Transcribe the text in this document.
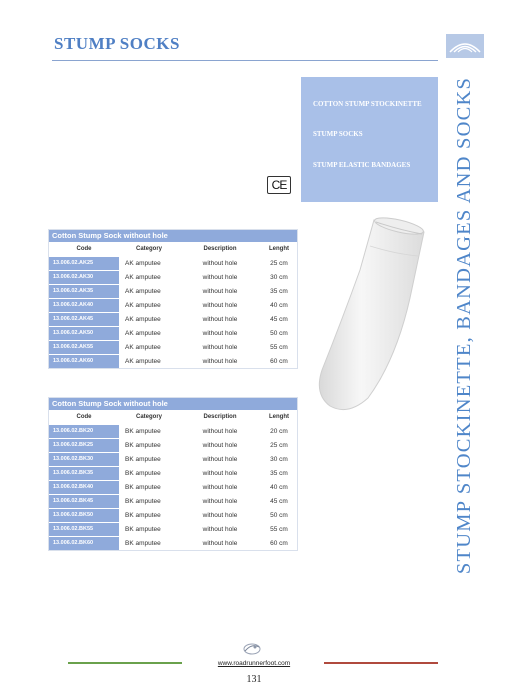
STUMP SOCKS
STUMP STOCKINETTE, BANDAGES AND SOCKS
COTTON STUMP STOCKINETTE
STUMP SOCKS
STUMP ELASTIC BANDAGES
CE
Cotton Stump Sock without hole
Code	Category	Description	Lenght
13.006.02.AK25	AK amputee	without hole	25 cm
13.006.02.AK30	AK amputee	without hole	30 cm
13.006.02.AK35	AK amputee	without hole	35 cm
13.006.02.AK40	AK amputee	without hole	40 cm
13.006.02.AK45	AK amputee	without hole	45 cm
13.006.02.AK50	AK amputee	without hole	50 cm
13.006.02.AK55	AK amputee	without hole	55 cm
13.006.02.AK60	AK amputee	without hole	60 cm
Cotton Stump Sock without hole
Code	Category	Description	Lenght
13.006.02.BK20	BK amputee	without hole	20 cm
13.006.02.BK25	BK amputee	without hole	25 cm
13.006.02.BK30	BK amputee	without hole	30 cm
13.006.02.BK35	BK amputee	without hole	35 cm
13.006.02.BK40	BK amputee	without hole	40 cm
13.006.02.BK45	BK amputee	without hole	45 cm
13.006.02.BK50	BK amputee	without hole	50 cm
13.006.02.BK55	BK amputee	without hole	55 cm
13.006.02.BK60	BK amputee	without hole	60 cm
www.roadrunnerfoot.com
131
